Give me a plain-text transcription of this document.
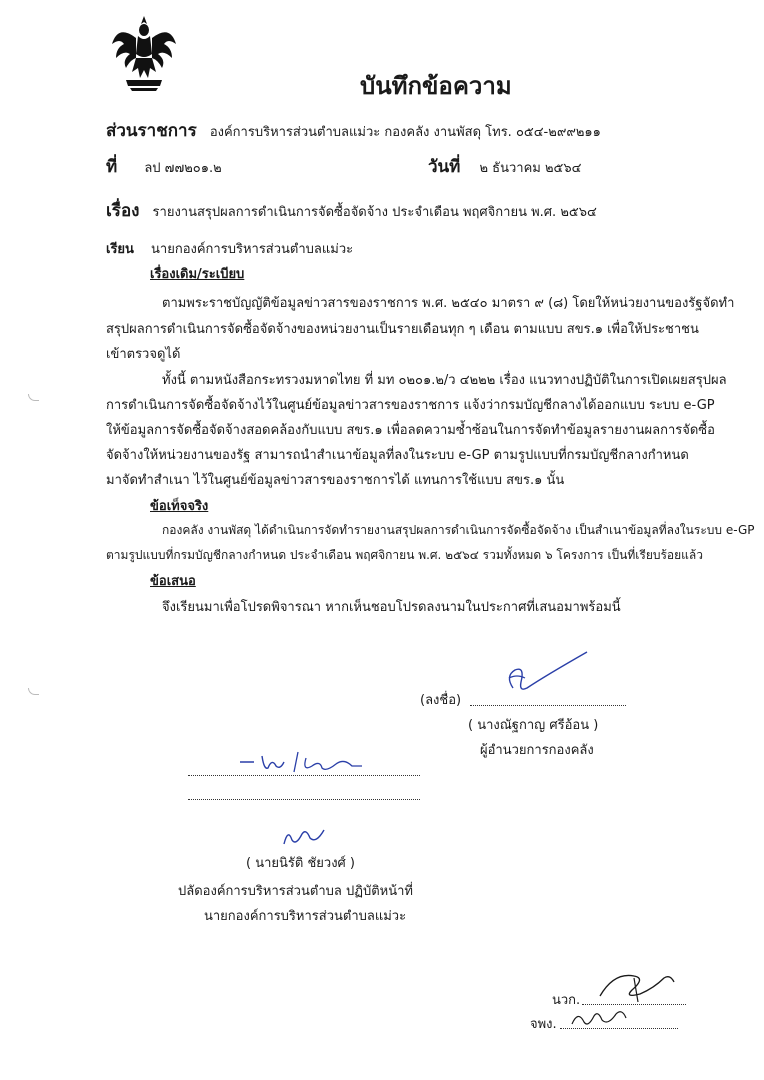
บันทึกข้อความ
ส่วนราชการ องค์การบริหารส่วนตำบลแม่วะ กองคลัง งานพัสดุ โทร. ๐๕๔-๒๙๙๒๑๑
ที่ ลป ๗๗๒๐๑.๒	วันที่ ๒ ธันวาคม ๒๕๖๔
เรื่อง รายงานสรุปผลการดำเนินการจัดซื้อจัดจ้าง ประจำเดือน พฤศจิกายน พ.ศ. ๒๕๖๔
เรียน นายกองค์การบริหารส่วนตำบลแม่วะ
เรื่องเดิม/ระเบียบ
ตามพระราชบัญญัติข้อมูลข่าวสารของราชการ พ.ศ. ๒๕๔๐ มาตรา ๙ (๘) โดยให้หน่วยงานของรัฐจัดทำ
สรุปผลการดำเนินการจัดซื้อจัดจ้างของหน่วยงานเป็นรายเดือนทุก ๆ เดือน ตามแบบ สขร.๑ เพื่อให้ประชาชน
เข้าตรวจดูได้
ทั้งนี้ ตามหนังสือกระทรวงมหาดไทย ที่ มท ๐๒๐๑.๒/ว ๔๒๒๒ เรื่อง แนวทางปฏิบัติในการเปิดเผยสรุปผล
การดำเนินการจัดซื้อจัดจ้างไว้ในศูนย์ข้อมูลข่าวสารของราชการ แจ้งว่ากรมบัญชีกลางได้ออกแบบ ระบบ e-GP
ให้ข้อมูลการจัดซื้อจัดจ้างสอดคล้องกับแบบ สขร.๑ เพื่อลดความซ้ำซ้อนในการจัดทำข้อมูลรายงานผลการจัดซื้อ
จัดจ้างให้หน่วยงานของรัฐ สามารถนำสำเนาข้อมูลที่ลงในระบบ e-GP ตามรูปแบบที่กรมบัญชีกลางกำหนด
มาจัดทำสำเนา ไว้ในศูนย์ข้อมูลข่าวสารของราชการได้ แทนการใช้แบบ สขร.๑ นั้น
ข้อเท็จจริง
กองคลัง งานพัสดุ ได้ดำเนินการจัดทำรายงานสรุปผลการดำเนินการจัดซื้อจัดจ้าง เป็นสำเนาข้อมูลที่ลงในระบบ e-GP
ตามรูปแบบที่กรมบัญชีกลางกำหนด ประจำเดือน พฤศจิกายน พ.ศ. ๒๕๖๔ รวมทั้งหมด ๖ โครงการ เป็นที่เรียบร้อยแล้ว
ข้อเสนอ
จึงเรียนมาเพื่อโปรดพิจารณา หากเห็นชอบโปรดลงนามในประกาศที่เสนอมาพร้อมนี้
(ลงชื่อ)
( นางณัฐกาญ ศรีอ้อน )
ผู้อำนวยการกองคลัง
( นายนิรัติ ชัยวงศ์ )
ปลัดองค์การบริหารส่วนตำบล ปฏิบัติหน้าที่
นายกองค์การบริหารส่วนตำบลแม่วะ
นวก.
จพง.
